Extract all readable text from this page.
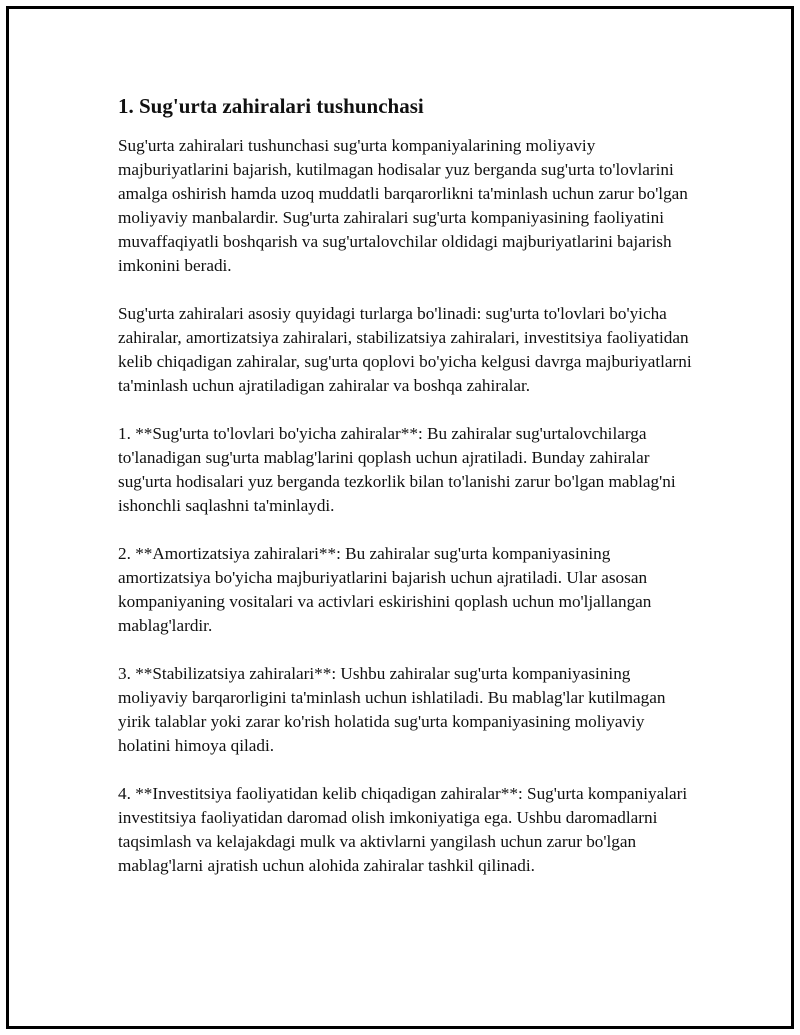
1. Sug'urta zahiralari tushunchasi

Sug'urta zahiralari tushunchasi sug'urta kompaniyalarining moliyaviy majburiyatlarini bajarish, kutilmagan hodisalar yuz berganda sug'urta to'lovlarini amalga oshirish hamda uzoq muddatli barqarorlikni ta'minlash uchun zarur bo'lgan moliyaviy manbalardir. Sug'urta zahiralari sug'urta kompaniyasining faoliyatini muvaffaqiyatli boshqarish va sug'urtalovchilar oldidagi majburiyatlarini bajarish imkonini beradi.

Sug'urta zahiralari asosiy quyidagi turlarga bo'linadi: sug'urta to'lovlari bo'yicha zahiralar, amortizatsiya zahiralari, stabilizatsiya zahiralari, investitsiya faoliyatidan kelib chiqadigan zahiralar, sug'urta qoplovi bo'yicha kelgusi davrga majburiyatlarni ta'minlash uchun ajratiladigan zahiralar va boshqa zahiralar.

1. **Sug'urta to'lovlari bo'yicha zahiralar**: Bu zahiralar sug'urtalovchilarga to'lanadigan sug'urta mablag'larini qoplash uchun ajratiladi. Bunday zahiralar sug'urta hodisalari yuz berganda tezkorlik bilan to'lanishi zarur bo'lgan mablag'ni ishonchli saqlashni ta'minlaydi.

2. **Amortizatsiya zahiralari**: Bu zahiralar sug'urta kompaniyasining amortizatsiya bo'yicha majburiyatlarini bajarish uchun ajratiladi. Ular asosan kompaniyaning vositalari va activlari eskirishini qoplash uchun mo'ljallangan mablag'lardir.

3. **Stabilizatsiya zahiralari**: Ushbu zahiralar sug'urta kompaniyasining moliyaviy barqarorligini ta'minlash uchun ishlatiladi. Bu mablag'lar kutilmagan yirik talablar yoki zarar ko'rish holatida sug'urta kompaniyasining moliyaviy holatini himoya qiladi.

4. **Investitsiya faoliyatidan kelib chiqadigan zahiralar**: Sug'urta kompaniyalari investitsiya faoliyatidan daromad olish imkoniyatiga ega. Ushbu daromadlarni taqsimlash va kelajakdagi mulk va aktivlarni yangilash uchun zarur bo'lgan mablag'larni ajratish uchun alohida zahiralar tashkil qilinadi.
